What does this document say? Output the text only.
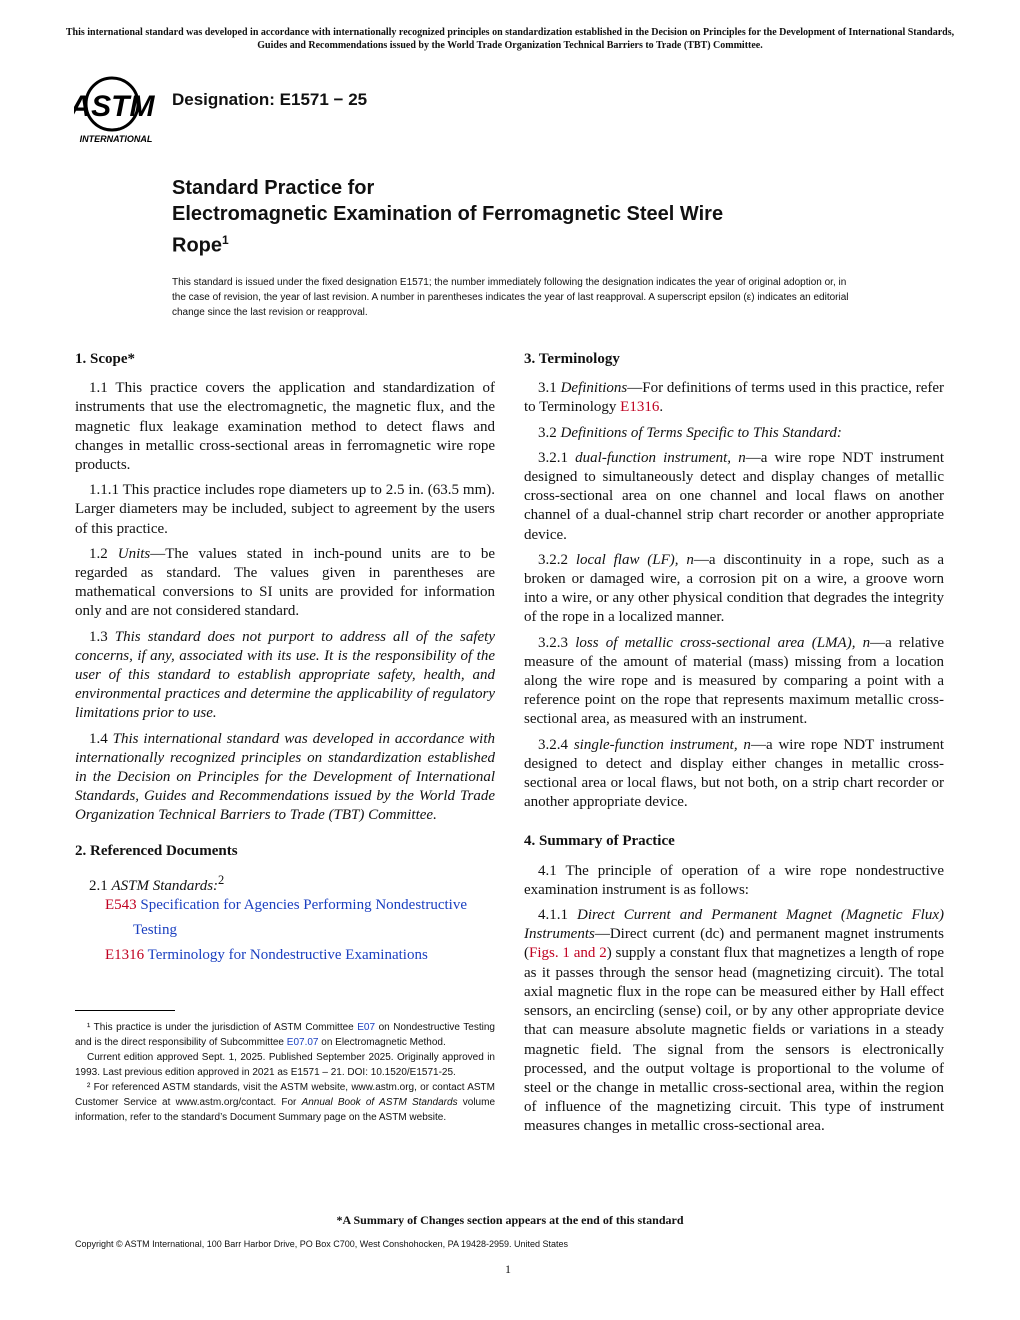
This international standard was developed in accordance with internationally recognized principles on standardization established in the Decision on Principles for the Development of International Standards, Guides and Recommendations issued by the World Trade Organization Technical Barriers to Trade (TBT) Committee.
ASTM
INTERNATIONAL
Designation: E1571 − 25
Standard Practice for
Electromagnetic Examination of Ferromagnetic Steel Wire
Rope$^1$
This standard is issued under the fixed designation E1571; the number immediately following the designation indicates the year of original adoption or, in the case of revision, the year of last revision. A number in parentheses indicates the year of last reapproval. A superscript epsilon (ε) indicates an editorial change since the last revision or reapproval.
1. Scope*

1.1 This practice covers the application and standardization of instruments that use the electromagnetic, the magnetic flux, and the magnetic flux leakage examination method to detect flaws and changes in metallic cross-sectional areas in ferromagnetic wire rope products.

1.1.1 This practice includes rope diameters up to 2.5 in. (63.5 mm). Larger diameters may be included, subject to agreement by the users of this practice.

1.2 Units—The values stated in inch-pound units are to be regarded as standard. The values given in parentheses are mathematical conversions to SI units are provided for information only and are not considered standard.

1.3 This standard does not purport to address all of the safety concerns, if any, associated with its use. It is the responsibility of the user of this standard to establish appropriate safety, health, and environmental practices and determine the applicability of regulatory limitations prior to use.

1.4 This international standard was developed in accordance with internationally recognized principles on standardization established in the Decision on Principles for the Development of International Standards, Guides and Recommendations issued by the World Trade Organization Technical Barriers to Trade (TBT) Committee.

2. Referenced Documents

2.1 ASTM Standards:$^2$

E543 Specification for Agencies Performing Nondestructive

Testing

E1316 Terminology for Nondestructive Examinations

¹ This practice is under the jurisdiction of ASTM Committee E07 on Nondestructive Testing and is the direct responsibility of Subcommittee E07.07 on Electromagnetic Method.

Current edition approved Sept. 1, 2025. Published September 2025. Originally approved in 1993. Last previous edition approved in 2021 as E1571 – 21. DOI: 10.1520/E1571-25.

² For referenced ASTM standards, visit the ASTM website, www.astm.org, or contact ASTM Customer Service at www.astm.org/contact. For Annual Book of ASTM Standards volume information, refer to the standard’s Document Summary page on the ASTM website.

3. Terminology

3.1 Definitions—For definitions of terms used in this practice, refer to Terminology E1316.

3.2 Definitions of Terms Specific to This Standard:

3.2.1 dual-function instrument, n—a wire rope NDT instrument designed to simultaneously detect and display changes of metallic cross-sectional area on one channel and local flaws on another channel of a dual-channel strip chart recorder or another appropriate device.

3.2.2 local flaw (LF), n—a discontinuity in a rope, such as a broken or damaged wire, a corrosion pit on a wire, a groove worn into a wire, or any other physical condition that degrades the integrity of the rope in a localized manner.

3.2.3 loss of metallic cross-sectional area (LMA), n—a relative measure of the amount of material (mass) missing from a location along the wire rope and is measured by comparing a point with a reference point on the rope that represents maximum metallic cross-sectional area, as measured with an instrument.

3.2.4 single-function instrument, n—a wire rope NDT instrument designed to detect and display either changes in metallic cross-sectional area or local flaws, but not both, on a strip chart recorder or another appropriate device.

4. Summary of Practice

4.1 The principle of operation of a wire rope nondestructive examination instrument is as follows:

4.1.1 Direct Current and Permanent Magnet (Magnetic Flux) Instruments—Direct current (dc) and permanent magnet instruments (Figs. 1 and 2) supply a constant flux that magnetizes a length of rope as it passes through the sensor head (magnetizing circuit). The total axial magnetic flux in the rope can be measured either by Hall effect sensors, an encircling (sense) coil, or by any other appropriate device that can measure absolute magnetic fields or variations in a steady magnetic field. The signal from the sensors is electronically processed, and the output voltage is proportional to the volume of steel or the change in metallic cross-sectional area, within the region of influence of the magnetizing circuit. This type of instrument measures changes in metallic cross-sectional area.

*A Summary of Changes section appears at the end of this standard
Copyright © ASTM International, 100 Barr Harbor Drive, PO Box C700, West Conshohocken, PA 19428-2959. United States
1
